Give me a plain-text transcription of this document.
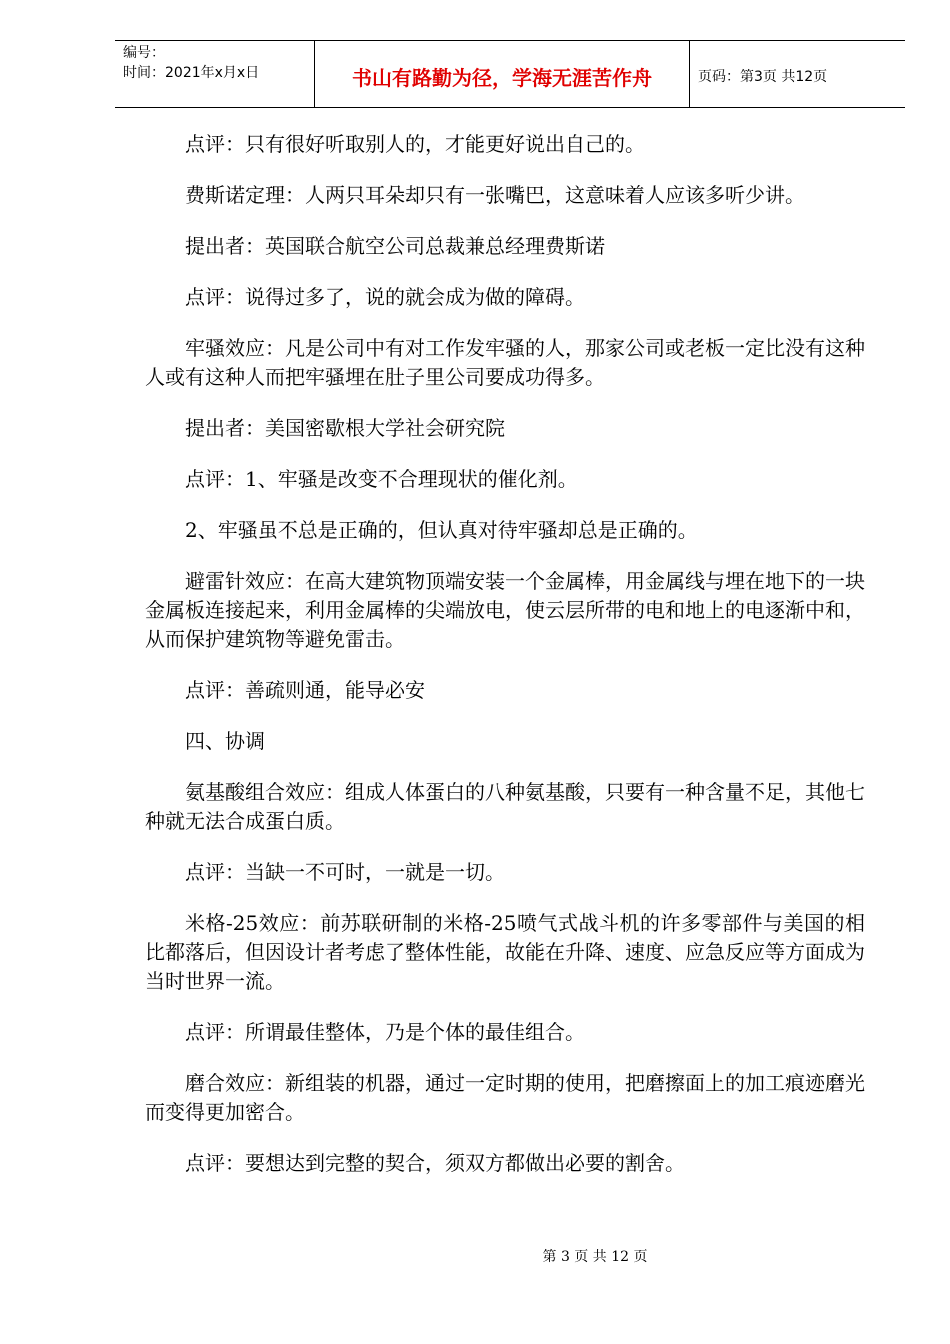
编号：
时间：2021年x月x日	书山有路勤为径，学海无涯苦作舟	页码：第3页 共12页

点评：只有很好听取别人的，才能更好说出自己的。

费斯诺定理：人两只耳朵却只有一张嘴巴，这意味着人应该多听少讲。

提出者：英国联合航空公司总裁兼总经理费斯诺

点评：说得过多了，说的就会成为做的障碍。

牢骚效应：凡是公司中有对工作发牢骚的人，那家公司或老板一定比没有这种人或有这种人而把牢骚埋在肚子里公司要成功得多。

提出者：美国密歇根大学社会研究院

点评：1、牢骚是改变不合理现状的催化剂。

2、牢骚虽不总是正确的，但认真对待牢骚却总是正确的。

避雷针效应：在高大建筑物顶端安装一个金属棒，用金属线与埋在地下的一块金属板连接起来，利用金属棒的尖端放电，使云层所带的电和地上的电逐渐中和，从而保护建筑物等避免雷击。

点评：善疏则通，能导必安

四、协调

氨基酸组合效应：组成人体蛋白的八种氨基酸，只要有一种含量不足，其他七种就无法合成蛋白质。

点评：当缺一不可时，一就是一切。

米格-25效应：前苏联研制的米格-25喷气式战斗机的许多零部件与美国的相比都落后，但因设计者考虑了整体性能，故能在升降、速度、应急反应等方面成为当时世界一流。

点评：所谓最佳整体，乃是个体的最佳组合。

磨合效应：新组装的机器，通过一定时期的使用，把磨擦面上的加工痕迹磨光而变得更加密合。

点评：要想达到完整的契合，须双方都做出必要的割舍。

第 3 页 共 12 页
